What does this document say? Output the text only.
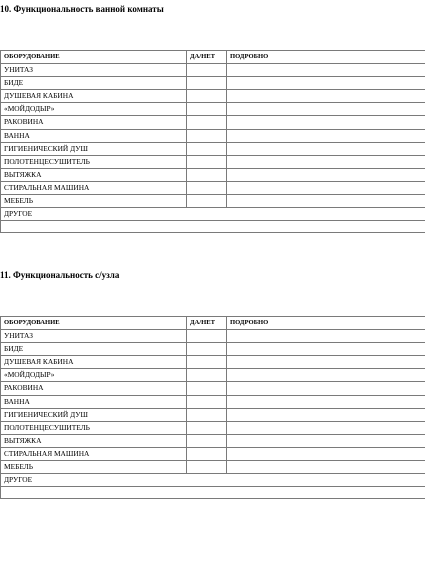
10. Функциональность ванной комнаты
ОБОРУДОВАНИЕ	ДА/НЕТ	ПОДРОБНО
УНИТАЗ		
БИДЕ		
ДУШЕВАЯ КАБИНА		
«МОЙДОДЫР»		
РАКОВИНА		
ВАННА		
ГИГИЕНИЧЕСКИЙ ДУШ		
ПОЛОТЕНЦЕСУШИТЕЛЬ		
ВЫТЯЖКА		
СТИРАЛЬНАЯ МАШИНА		
МЕБЕЛЬ		
ДРУГОЕ		

11. Функциональность с/узла
ОБОРУДОВАНИЕ	ДА/НЕТ	ПОДРОБНО
УНИТАЗ		
БИДЕ		
ДУШЕВАЯ КАБИНА		
«МОЙДОДЫР»		
РАКОВИНА		
ВАННА		
ГИГИЕНИЧЕСКИЙ ДУШ		
ПОЛОТЕНЦЕСУШИТЕЛЬ		
ВЫТЯЖКА		
СТИРАЛЬНАЯ МАШИНА		
МЕБЕЛЬ		
ДРУГОЕ		
